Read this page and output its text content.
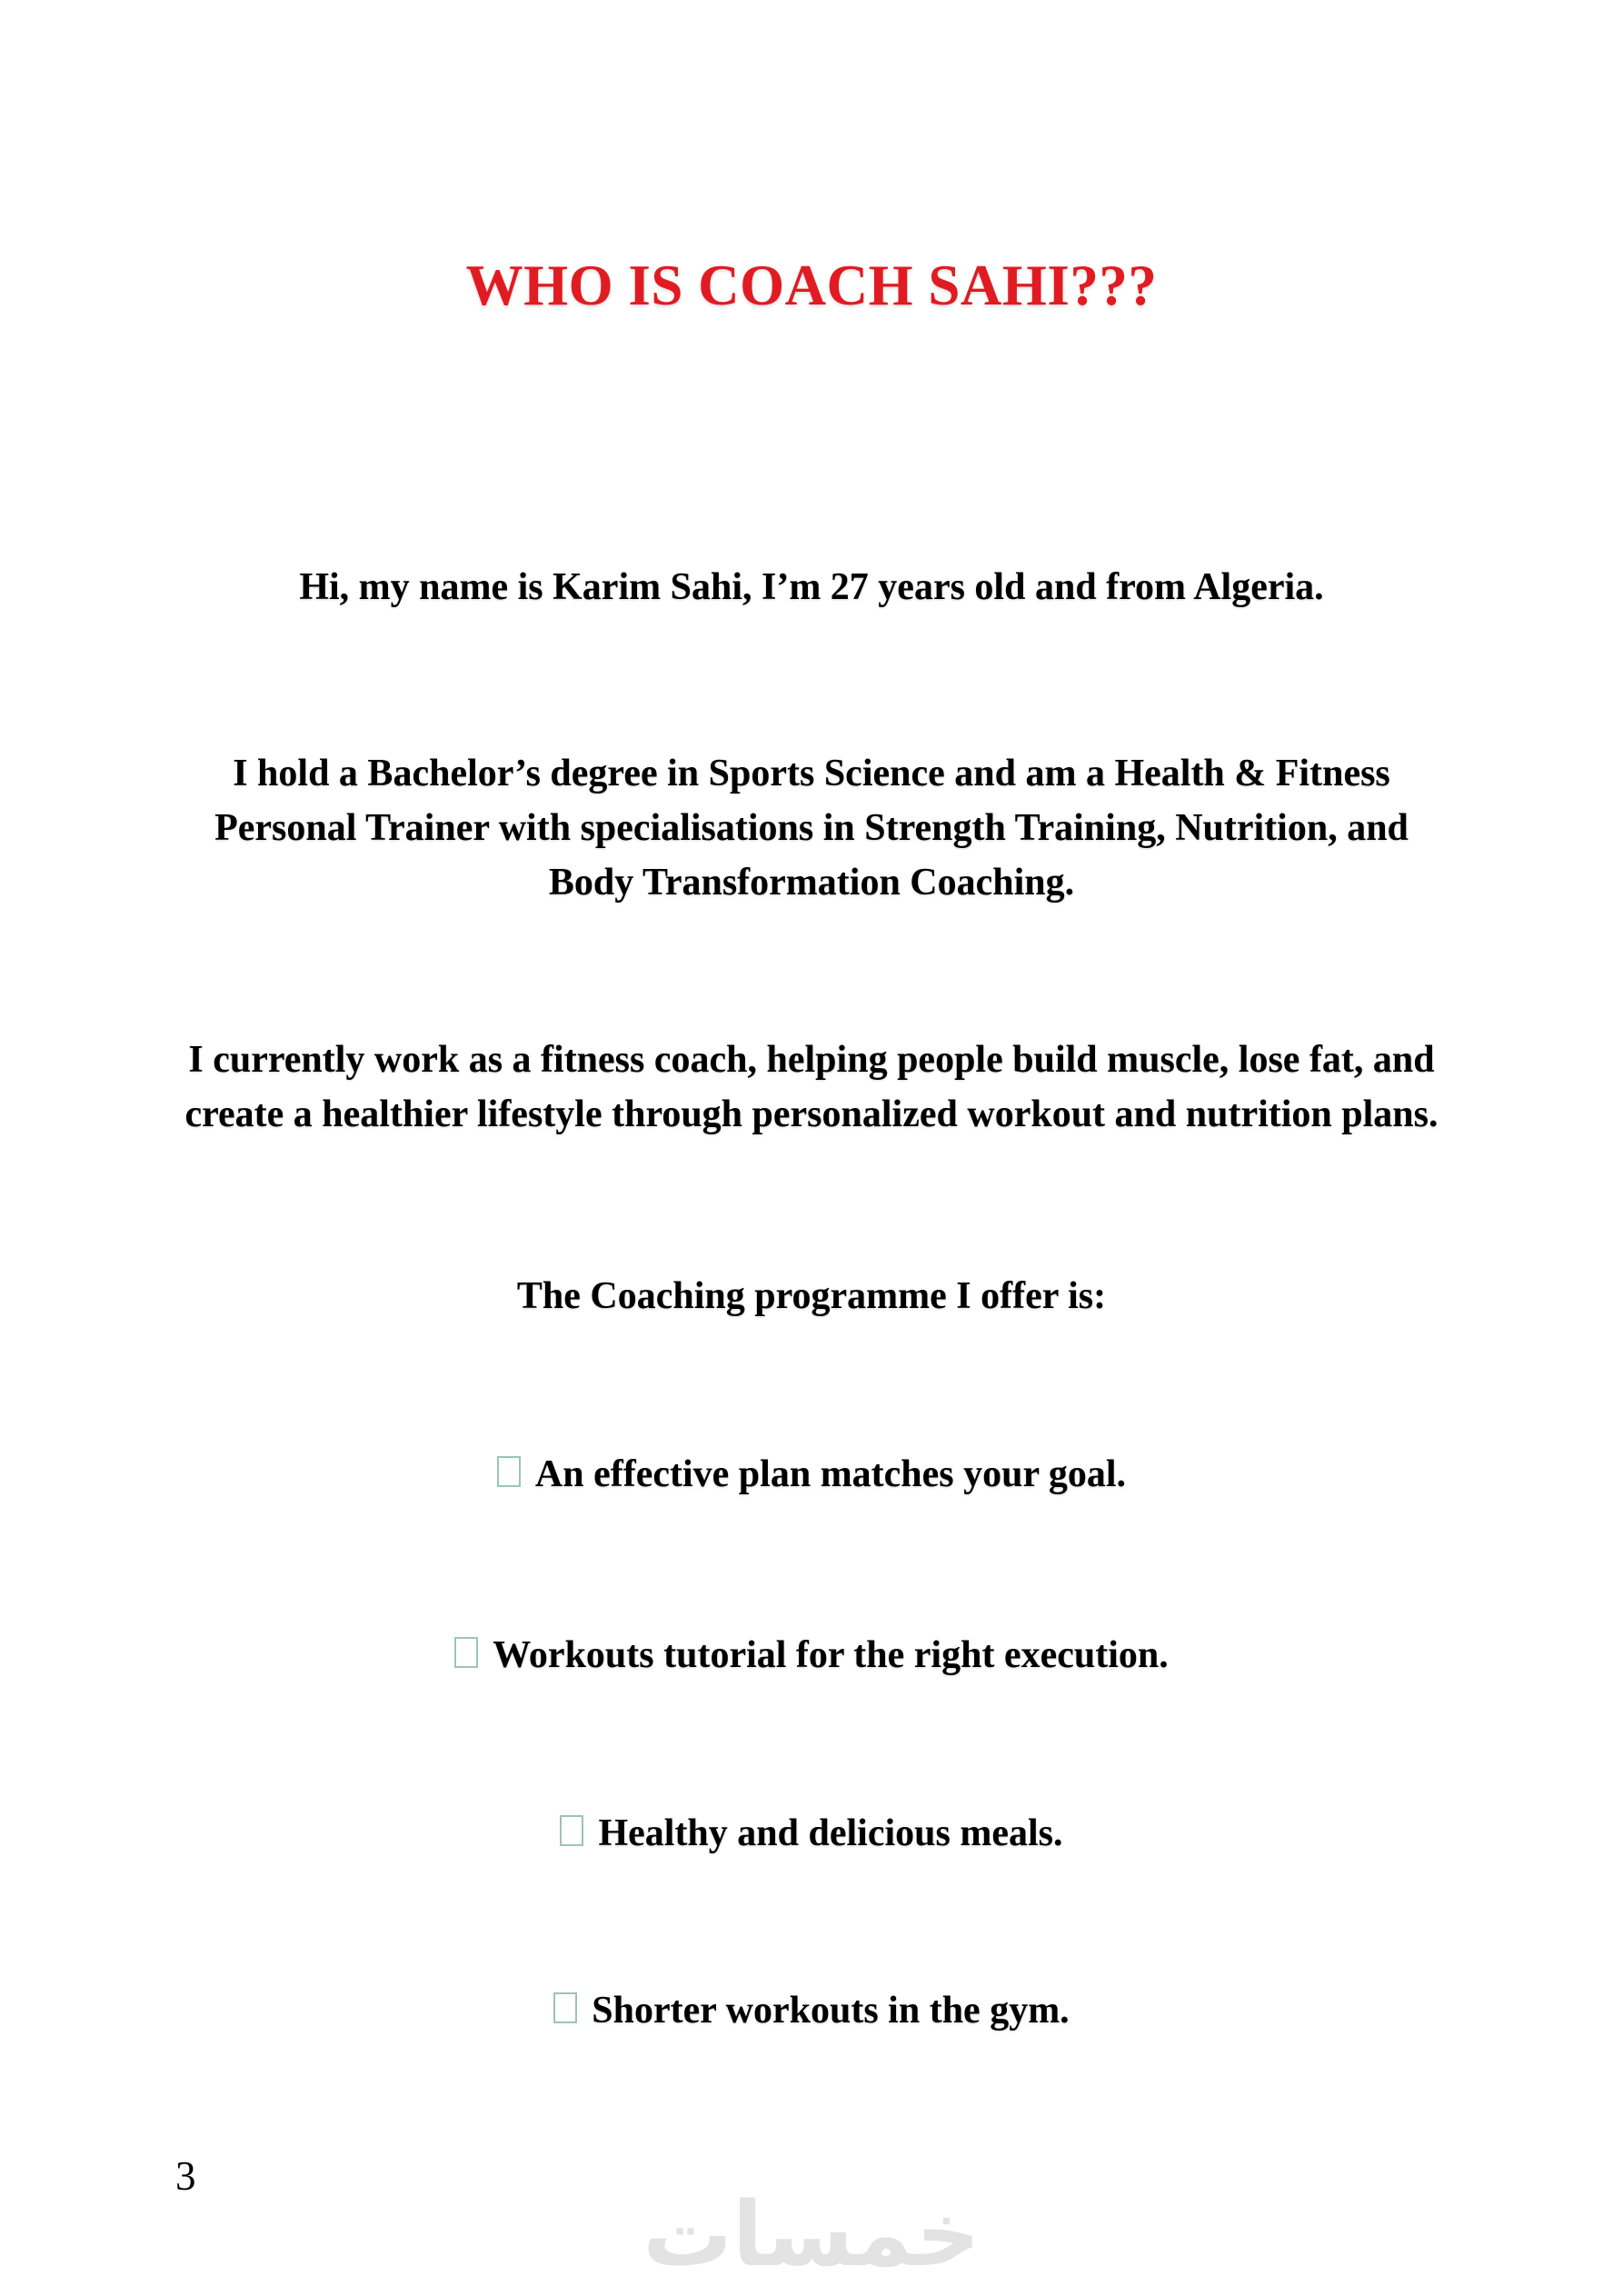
WHO IS COACH SAHI???
Hi, my name is Karim Sahi, I’m 27 years old and from Algeria.
I hold a Bachelor’s degree in Sports Science and am a Health & Fitness
Personal Trainer with specialisations in Strength Training, Nutrition, and
Body Transformation Coaching.
I currently work as a fitness coach, helping people build muscle, lose fat, and
create a healthier lifestyle through personalized workout and nutrition plans.
The Coaching programme I offer is:
An effective plan matches your goal.
Workouts tutorial for the right execution.
Healthy and delicious meals.
Shorter workouts in the gym.
3
خمسات
